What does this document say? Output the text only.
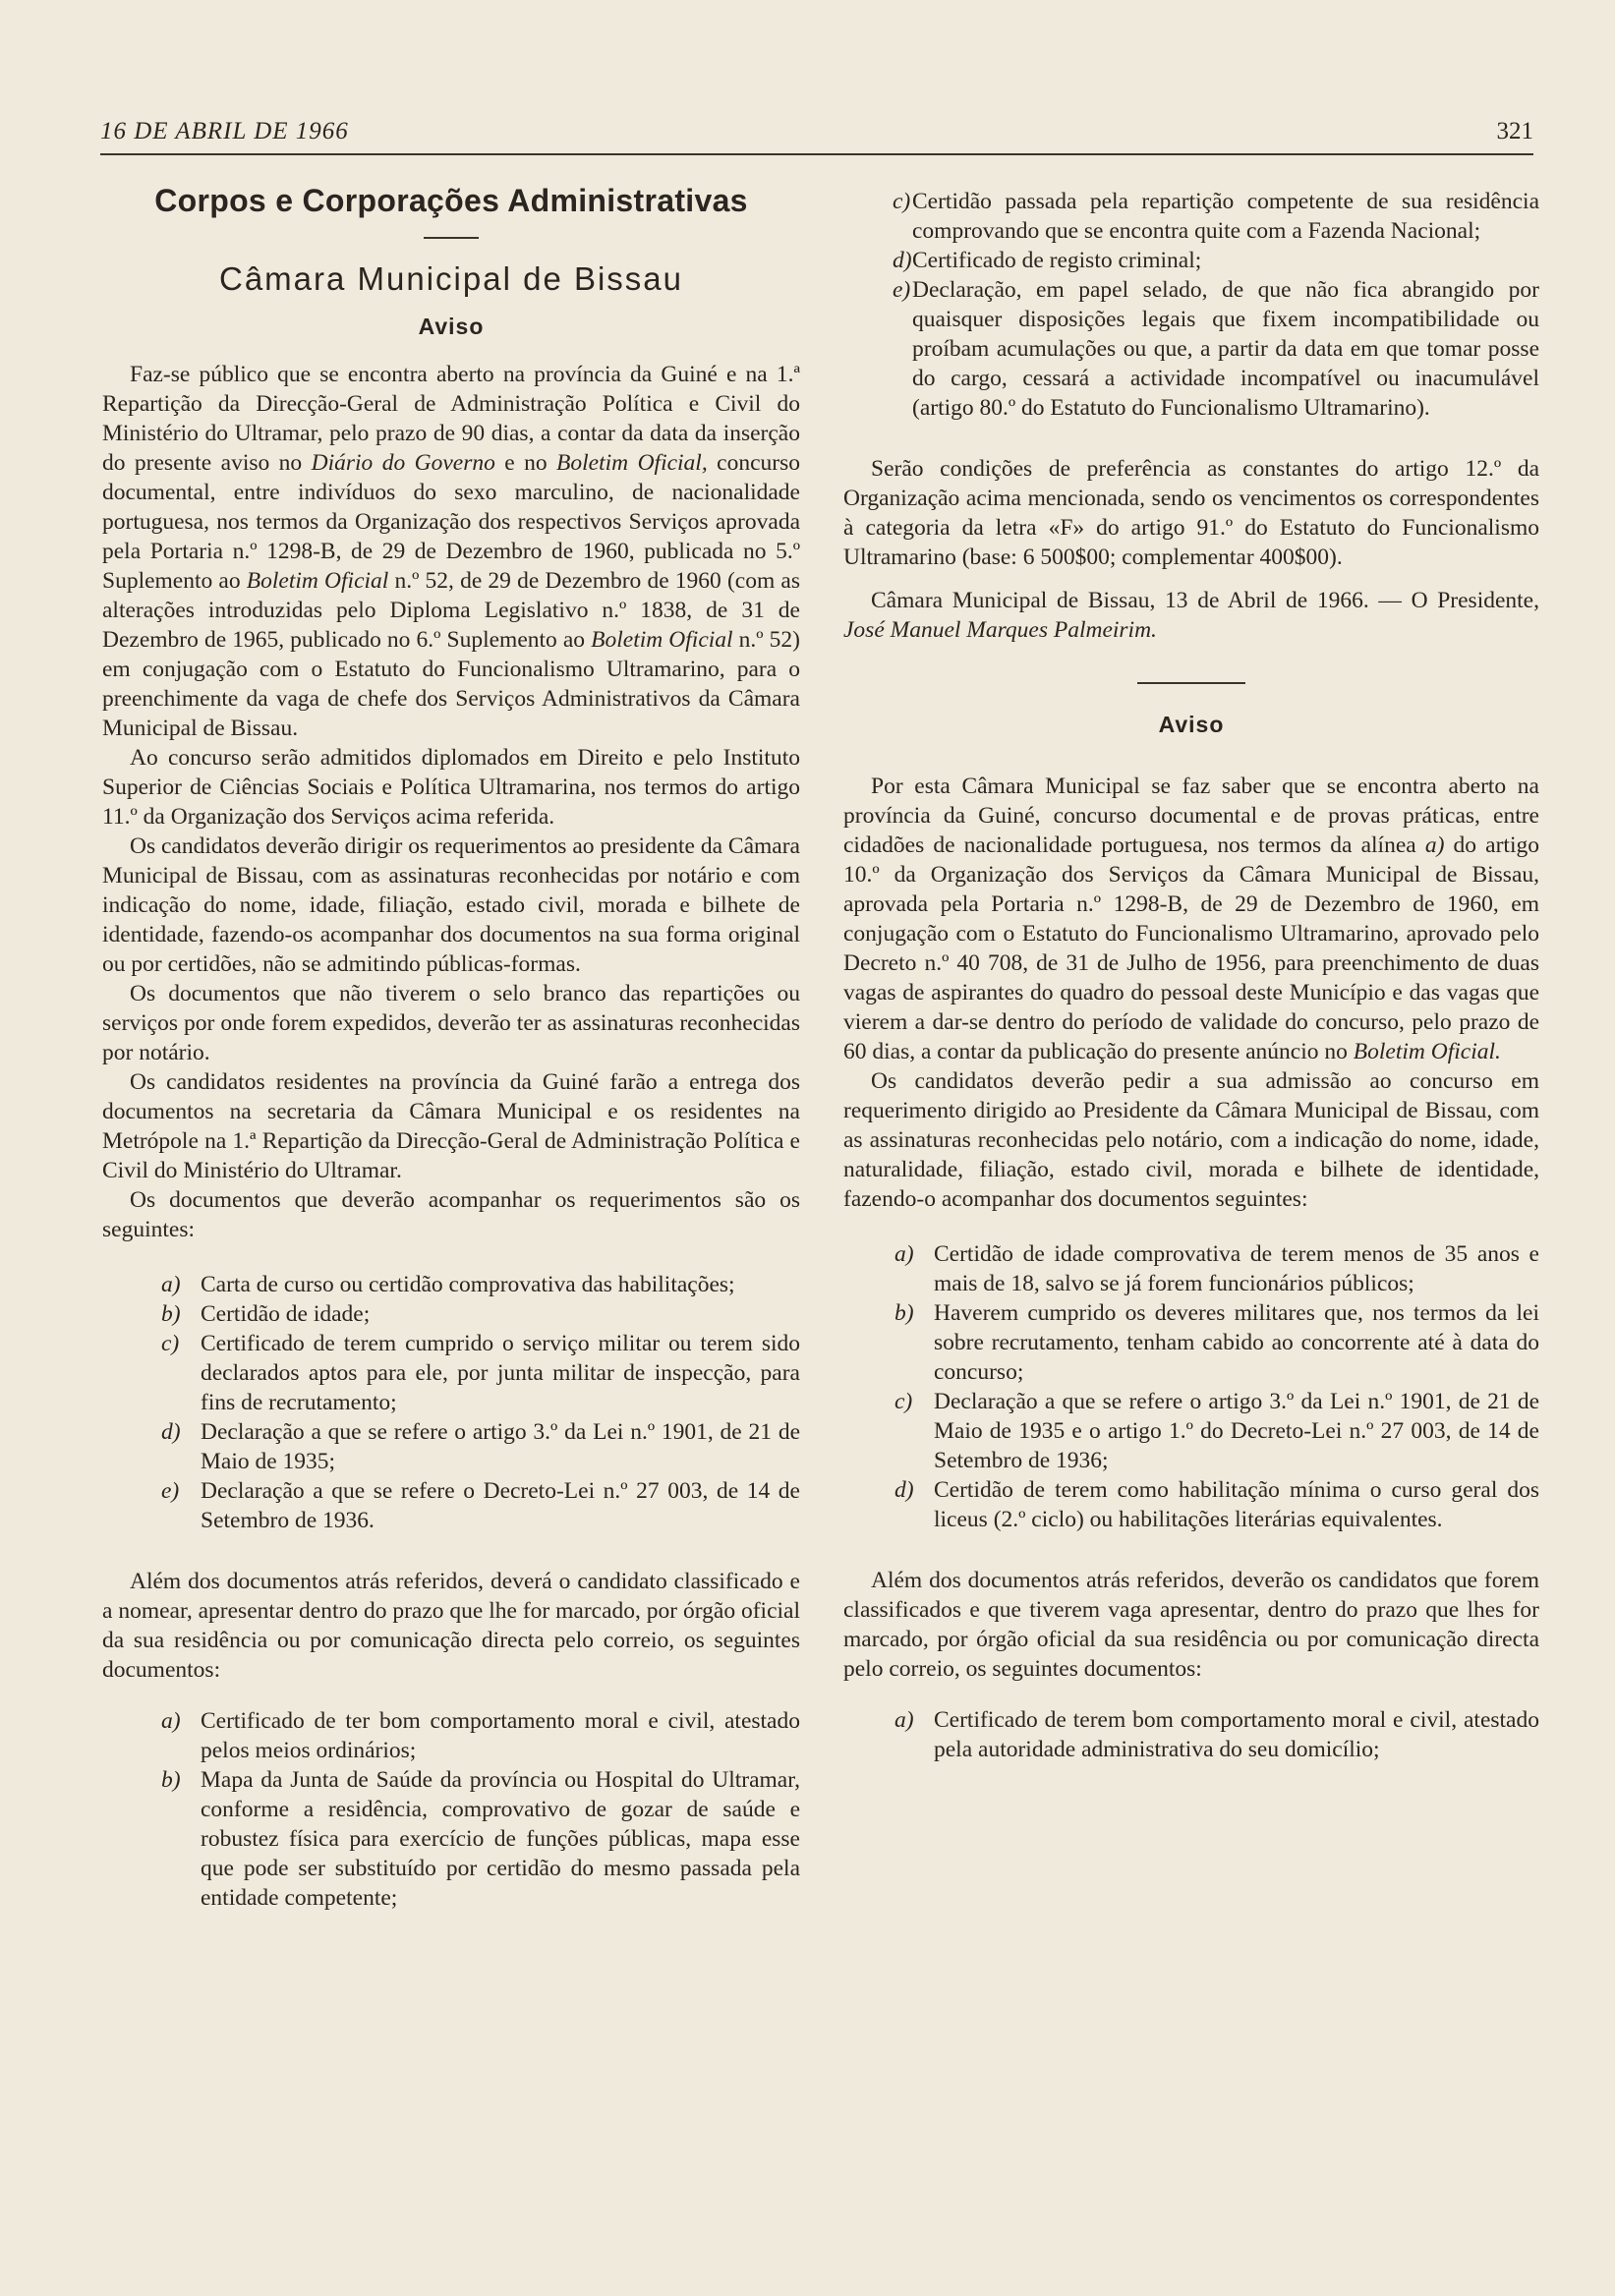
16 DE ABRIL DE 1966	321
Corpos e Corporações Administrativas
Câmara Municipal de Bissau
Aviso

Faz-se público que se encontra aberto na província da Guiné e na 1.ª Repartição da Direcção-Geral de Administração Política e Civil do Ministério do Ultramar, pelo prazo de 90 dias, a contar da data da inserção do presente aviso no Diário do Governo e no Boletim Oficial, concurso documental, entre indivíduos do sexo marculino, de nacionalidade portuguesa, nos termos da Organização dos respectivos Serviços aprovada pela Portaria n.º 1298-B, de 29 de Dezembro de 1960, publicada no 5.º Suplemento ao Boletim Oficial n.º 52, de 29 de Dezembro de 1960 (com as alterações introduzidas pelo Diploma Legislativo n.º 1838, de 31 de Dezembro de 1965, publicado no 6.º Suplemento ao Boletim Oficial n.º 52) em conjugação com o Estatuto do Funcionalismo Ultramarino, para o preenchimente da vaga de chefe dos Serviços Administrativos da Câmara Municipal de Bissau.

Ao concurso serão admitidos diplomados em Direito e pelo Instituto Superior de Ciências Sociais e Política Ultramarina, nos termos do artigo 11.º da Organização dos Serviços acima referida.

Os candidatos deverão dirigir os requerimentos ao presidente da Câmara Municipal de Bissau, com as assinaturas reconhecidas por notário e com indicação do nome, idade, filiação, estado civil, morada e bilhete de identidade, fazendo-os acompanhar dos documentos na sua forma original ou por certidões, não se admitindo públicas-formas.

Os documentos que não tiverem o selo branco das repartições ou serviços por onde forem expedidos, deverão ter as assinaturas reconhecidas por notário.

Os candidatos residentes na província da Guiné farão a entrega dos documentos na secretaria da Câmara Municipal e os residentes na Metrópole na 1.ª Repartição da Direcção-Geral de Administração Política e Civil do Ministério do Ultramar.

Os documentos que deverão acompanhar os requerimentos são os seguintes:

a) Carta de curso ou certidão comprovativa das habilitações;
b) Certidão de idade;
c) Certificado de terem cumprido o serviço militar ou terem sido declarados aptos para ele, por junta militar de inspecção, para fins de recrutamento;
d) Declaração a que se refere o artigo 3.º da Lei n.º 1901, de 21 de Maio de 1935;
e) Declaração a que se refere o Decreto-Lei n.º 27 003, de 14 de Setembro de 1936.

Além dos documentos atrás referidos, deverá o candidato classificado e a nomear, apresentar dentro do prazo que lhe for marcado, por órgão oficial da sua residência ou por comunicação directa pelo correio, os seguintes documentos:

a) Certificado de ter bom comportamento moral e civil, atestado pelos meios ordinários;
b) Mapa da Junta de Saúde da província ou Hospital do Ultramar, conforme a residência, comprovativo de gozar de saúde e robustez física para exercício de funções públicas, mapa esse que pode ser substituído por certidão do mesmo passada pela entidade competente;
c) Certidão passada pela repartição competente de sua residência comprovando que se encontra quite com a Fazenda Nacional;
d) Certificado de registo criminal;
e) Declaração, em papel selado, de que não fica abrangido por quaisquer disposições legais que fixem incompatibilidade ou proíbam acumulações ou que, a partir da data em que tomar posse do cargo, cessará a actividade incompatível ou inacumulável (artigo 80.º do Estatuto do Funcionalismo Ultramarino).

Serão condições de preferência as constantes do artigo 12.º da Organização acima mencionada, sendo os vencimentos os correspondentes à categoria da letra «F» do artigo 91.º do Estatuto do Funcionalismo Ultramarino (base: 6 500$00; complementar 400$00).

Câmara Municipal de Bissau, 13 de Abril de 1966. — O Presidente, José Manuel Marques Palmeirim.

Aviso

Por esta Câmara Municipal se faz saber que se encontra aberto na província da Guiné, concurso documental e de provas práticas, entre cidadões de nacionalidade portuguesa, nos termos da alínea a) do artigo 10.º da Organização dos Serviços da Câmara Municipal de Bissau, aprovada pela Portaria n.º 1298-B, de 29 de Dezembro de 1960, em conjugação com o Estatuto do Funcionalismo Ultramarino, aprovado pelo Decreto n.º 40 708, de 31 de Julho de 1956, para preenchimento de duas vagas de aspirantes do quadro do pessoal deste Município e das vagas que vierem a dar-se dentro do período de validade do concurso, pelo prazo de 60 dias, a contar da publicação do presente anúncio no Boletim Oficial.

Os candidatos deverão pedir a sua admissão ao concurso em requerimento dirigido ao Presidente da Câmara Municipal de Bissau, com as assinaturas reconhecidas pelo notário, com a indicação do nome, idade, naturalidade, filiação, estado civil, morada e bilhete de identidade, fazendo-o acompanhar dos documentos seguintes:

a) Certidão de idade comprovativa de terem menos de 35 anos e mais de 18, salvo se já forem funcionários públicos;
b) Haverem cumprido os deveres militares que, nos termos da lei sobre recrutamento, tenham cabido ao concorrente até à data do concurso;
c) Declaração a que se refere o artigo 3.º da Lei n.º 1901, de 21 de Maio de 1935 e o artigo 1.º do Decreto-Lei n.º 27 003, de 14 de Setembro de 1936;
d) Certidão de terem como habilitação mínima o curso geral dos liceus (2.º ciclo) ou habilitações literárias equivalentes.

Além dos documentos atrás referidos, deverão os candidatos que forem classificados e que tiverem vaga apresentar, dentro do prazo que lhes for marcado, por órgão oficial da sua residência ou por comunicação directa pelo correio, os seguintes documentos:

a) Certificado de terem bom comportamento moral e civil, atestado pela autoridade administrativa do seu domicílio;
